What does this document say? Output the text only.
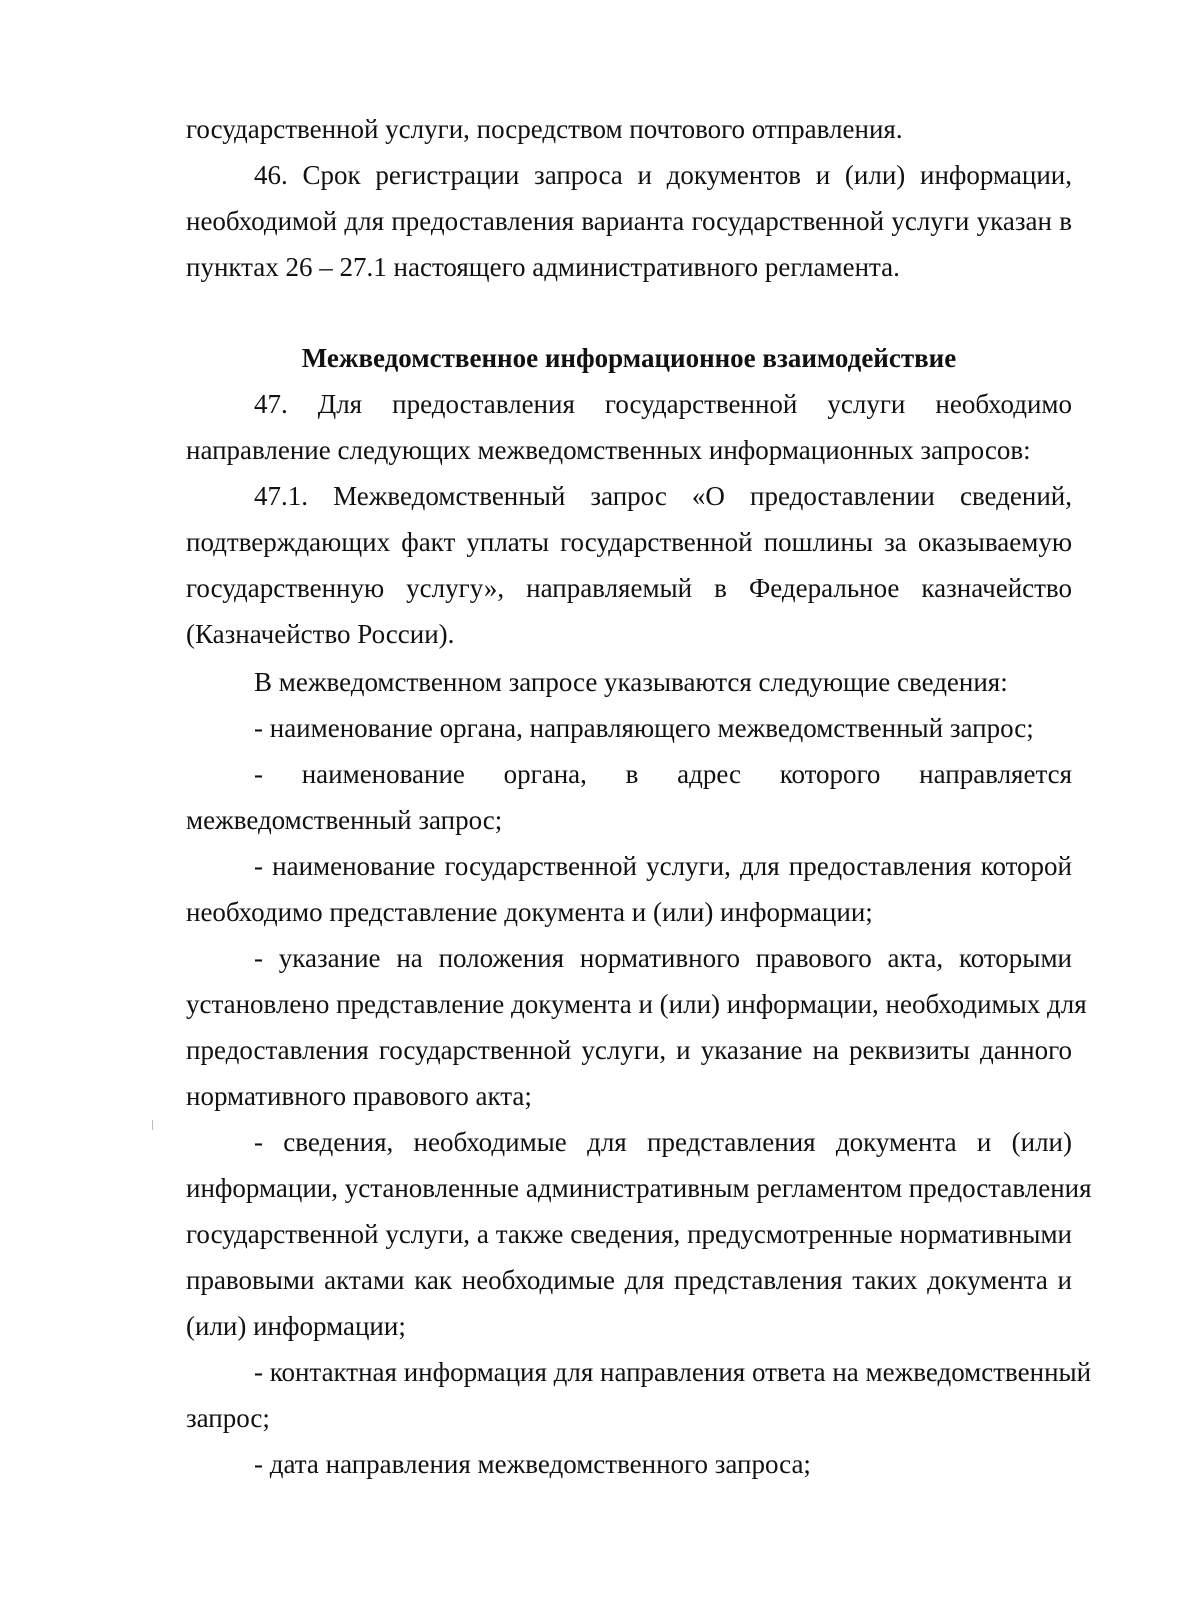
государственной услуги, посредством почтового отправления.
46. Срок регистрации запроса и документов и (или) информации,
необходимой для предоставления варианта государственной услуги указан в
пунктах 26 – 27.1 настоящего административного регламента.
Межведомственное информационное взаимодействие
47. Для предоставления государственной услуги необходимо
направление следующих межведомственных информационных запросов:
47.1. Межведомственный запрос «О предоставлении сведений,
подтверждающих факт уплаты государственной пошлины за оказываемую
государственную услугу», направляемый в Федеральное казначейство
(Казначейство России).
В межведомственном запросе указываются следующие сведения:
- наименование органа, направляющего межведомственный запрос;
- наименование органа, в адрес которого направляется
межведомственный запрос;
- наименование государственной услуги, для предоставления которой
необходимо представление документа и (или) информации;
- указание на положения нормативного правового акта, которыми
установлено представление документа и (или) информации, необходимых для
предоставления государственной услуги, и указание на реквизиты данного
нормативного правового акта;
- сведения, необходимые для представления документа и (или)
информации, установленные административным регламентом предоставления
государственной услуги, а также сведения, предусмотренные нормативными
правовыми актами как необходимые для представления таких документа и
(или) информации;
- контактная информация для направления ответа на межведомственный
запрос;
- дата направления межведомственного запроса;
